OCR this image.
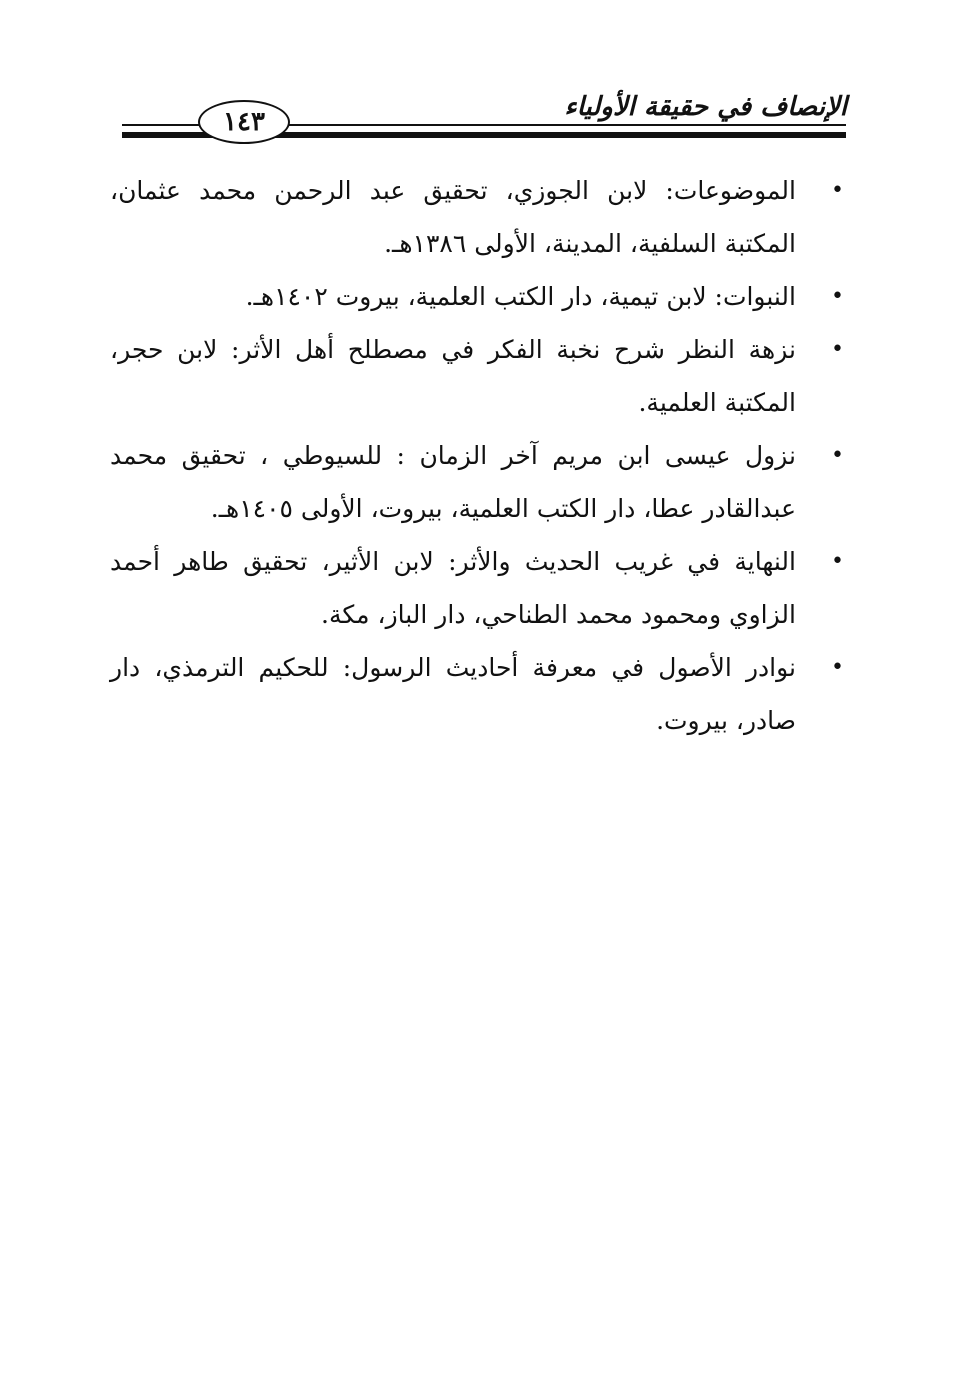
الإنصاف في حقيقة الأولياء
١٤٣
•
الموضوعات: لابن الجوزي، تحقيق عبد الرحمن محمد عثمان، المكتبة السلفية، المدينة، الأولى ١٣٨٦هـ.
•
النبوات: لابن تيمية، دار الكتب العلمية، بيروت ١٤٠٢هـ.
•
نزهة النظر شرح نخبة الفكر في مصطلح أهل الأثر: لابن حجر، المكتبة العلمية.
•
نزول عيسى ابن مريم آخر الزمان : للسيوطي ، تحقيق محمد عبدالقادر عطا، دار الكتب العلمية، بيروت، الأولى ١٤٠٥هـ.
•
النهاية في غريب الحديث والأثر: لابن الأثير، تحقيق طاهر أحمد الزاوي ومحمود محمد الطناحي، دار الباز، مكة.
•
نوادر الأصول في معرفة أحاديث الرسول: للحكيم الترمذي، دار صادر، بيروت.
